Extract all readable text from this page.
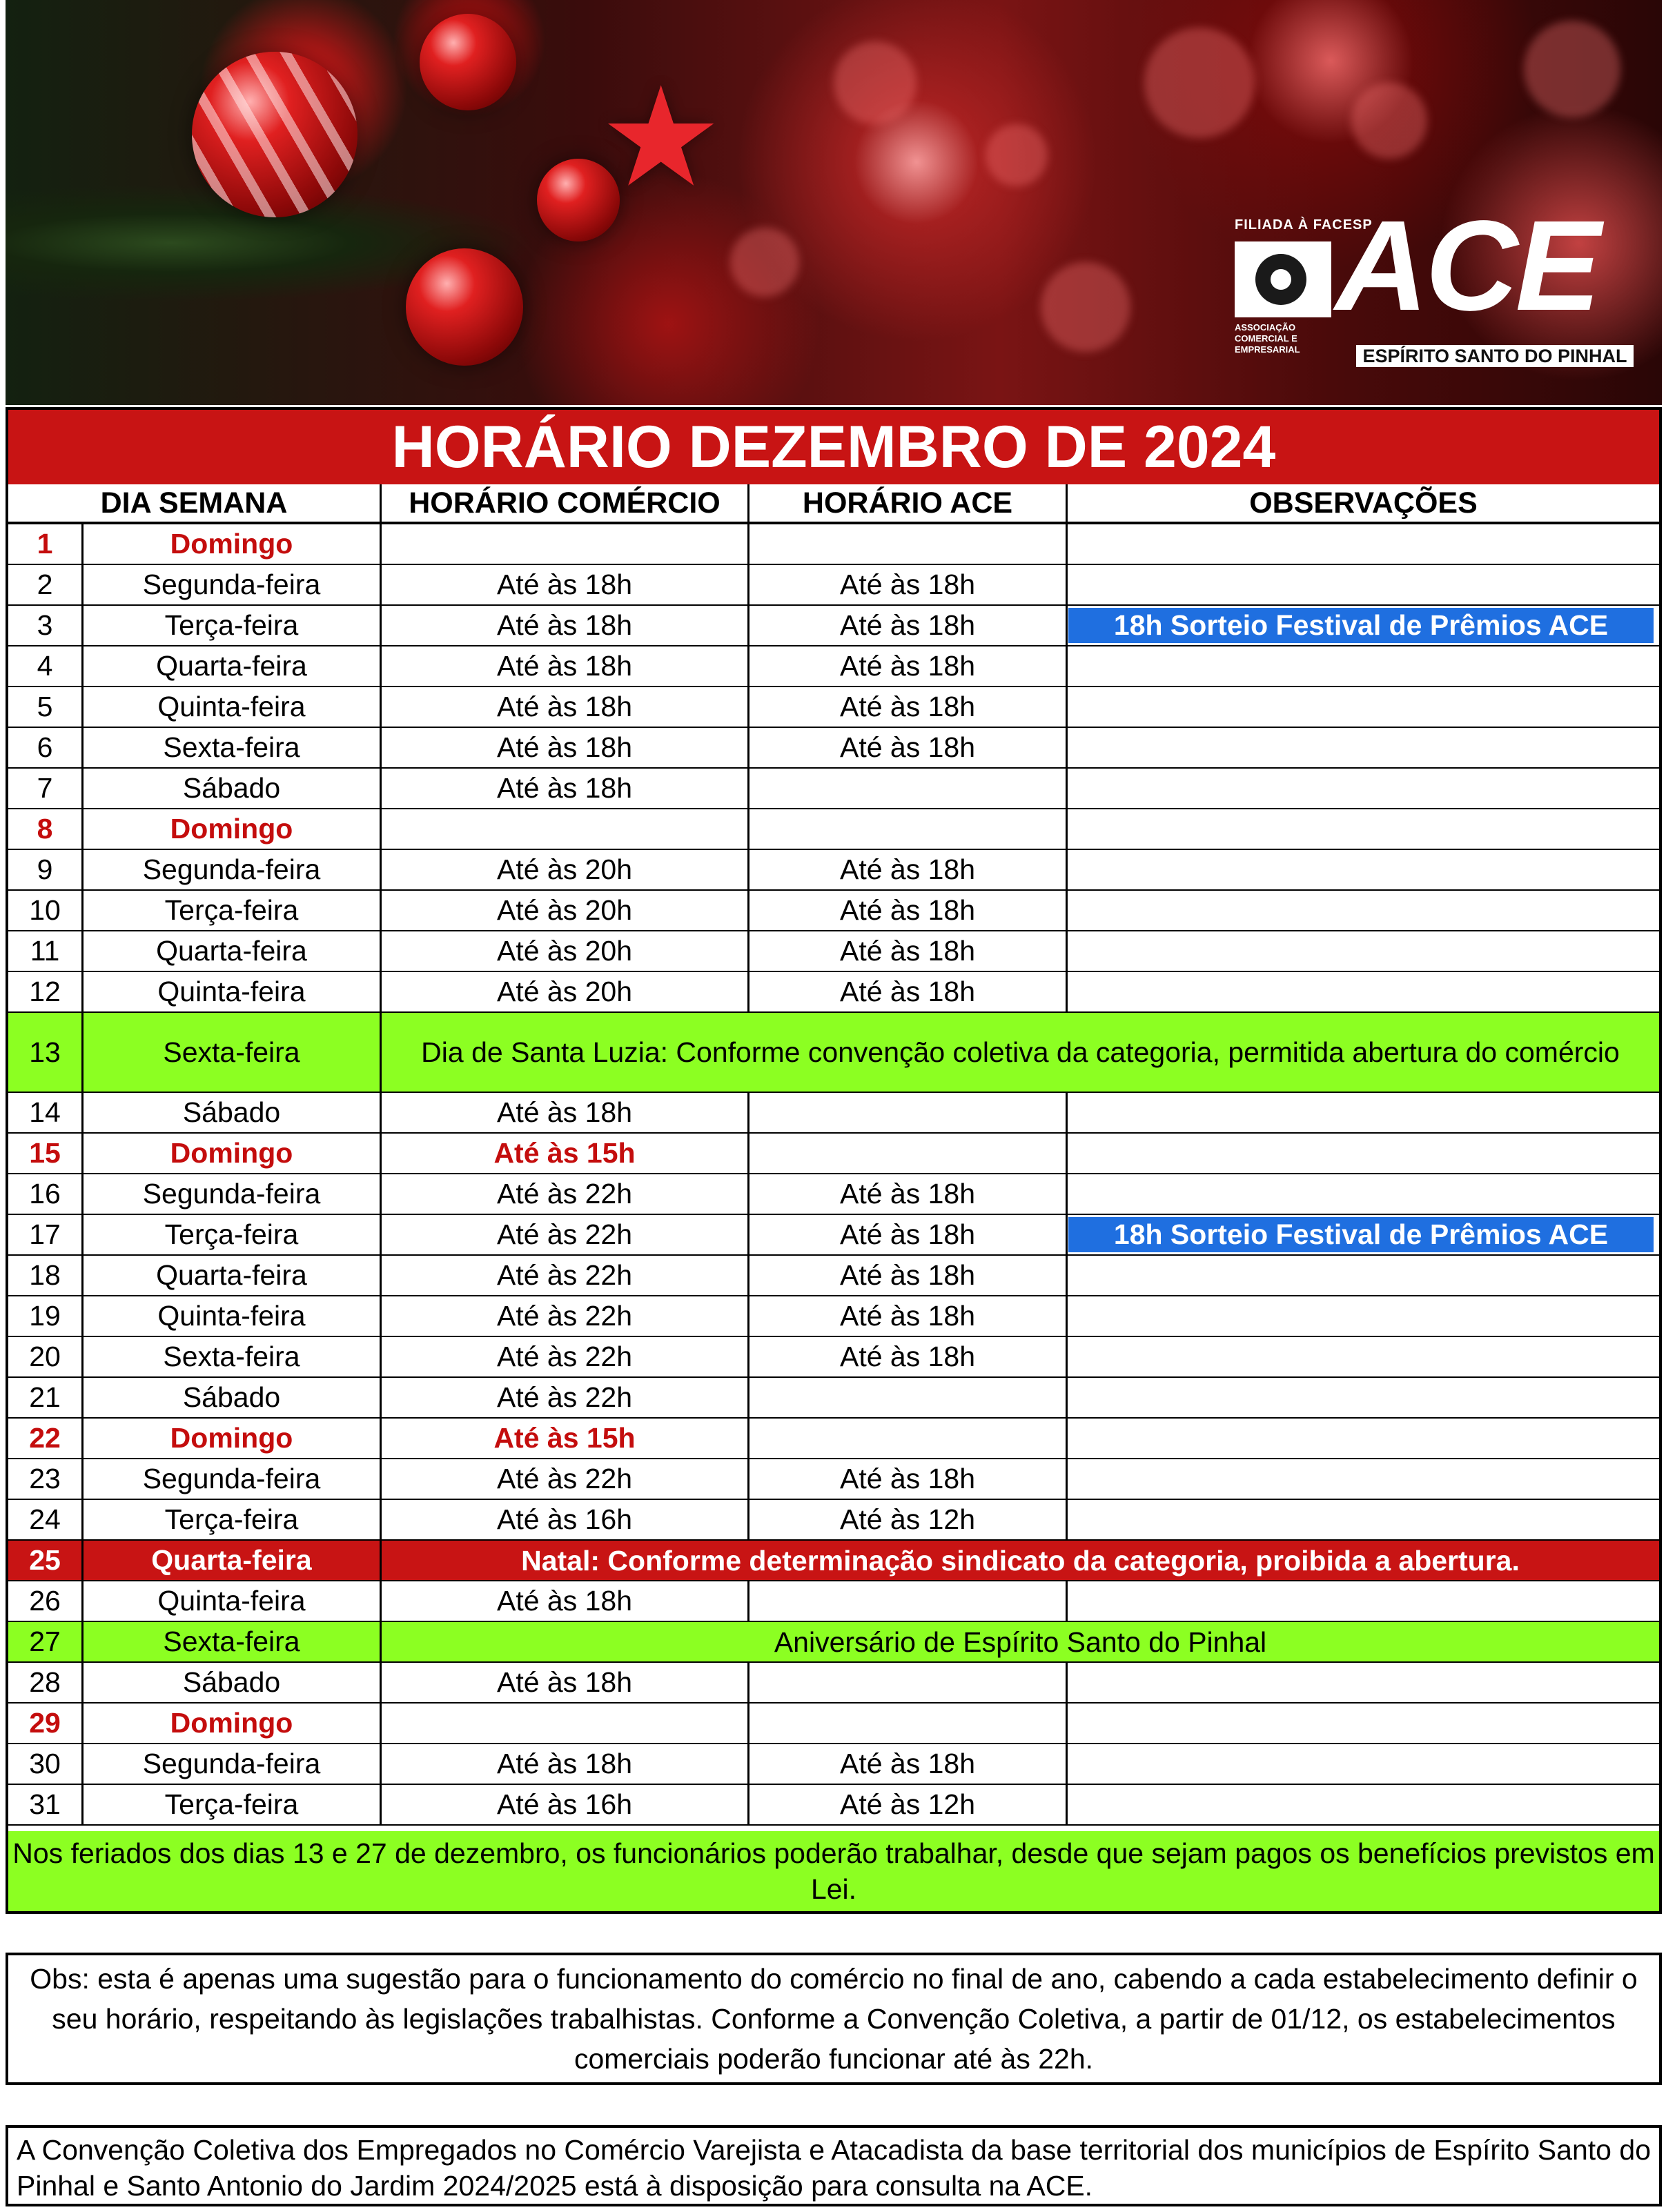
★
FILIADA À FACESP
ACE
ASSOCIAÇÃO COMERCIAL E EMPRESARIAL	ESPÍRITO SANTO DO PINHAL
HORÁRIO DEZEMBRO DE 2024
DIA SEMANA	HORÁRIO COMÉRCIO	HORÁRIO ACE	OBSERVAÇÕES
1	Domingo
2	Segunda-feira	Até às 18h	Até às 18h
3	Terça-feira	Até às 18h	Até às 18h	18h Sorteio Festival de Prêmios ACE
4	Quarta-feira	Até às 18h	Até às 18h
5	Quinta-feira	Até às 18h	Até às 18h
6	Sexta-feira	Até às 18h	Até às 18h
7	Sábado	Até às 18h
8	Domingo
9	Segunda-feira	Até às 20h	Até às 18h
10	Terça-feira	Até às 20h	Até às 18h
11	Quarta-feira	Até às 20h	Até às 18h
12	Quinta-feira	Até às 20h	Até às 18h
13	Sexta-feira	Dia de Santa Luzia: Conforme convenção coletiva da categoria, permitida abertura do comércio
14	Sábado	Até às 18h
15	Domingo	Até às 15h
16	Segunda-feira	Até às 22h	Até às 18h
17	Terça-feira	Até às 22h	Até às 18h	18h Sorteio Festival de Prêmios ACE
18	Quarta-feira	Até às 22h	Até às 18h
19	Quinta-feira	Até às 22h	Até às 18h
20	Sexta-feira	Até às 22h	Até às 18h
21	Sábado	Até às 22h
22	Domingo	Até às 15h
23	Segunda-feira	Até às 22h	Até às 18h
24	Terça-feira	Até às 16h	Até às 12h
25	Quarta-feira	Natal: Conforme determinação sindicato da categoria, proibida a abertura.
26	Quinta-feira	Até às 18h
27	Sexta-feira	Aniversário de Espírito Santo do Pinhal
28	Sábado	Até às 18h
29	Domingo
30	Segunda-feira	Até às 18h	Até às 18h
31	Terça-feira	Até às 16h	Até às 12h
Nos feriados dos dias 13 e 27 de dezembro, os funcionários poderão trabalhar, desde que sejam pagos os benefícios previstos em Lei.
Obs: esta é apenas uma sugestão para o funcionamento do comércio no final de ano, cabendo a cada estabelecimento definir o seu horário, respeitando às legislações trabalhistas. Conforme a Convenção Coletiva, a partir de 01/12, os estabelecimentos comerciais poderão funcionar até às 22h.
A Convenção Coletiva dos Empregados no Comércio Varejista e Atacadista da base territorial dos municípios de Espírito Santo do Pinhal e Santo Antonio do Jardim 2024/2025 está à disposição para consulta na ACE.
